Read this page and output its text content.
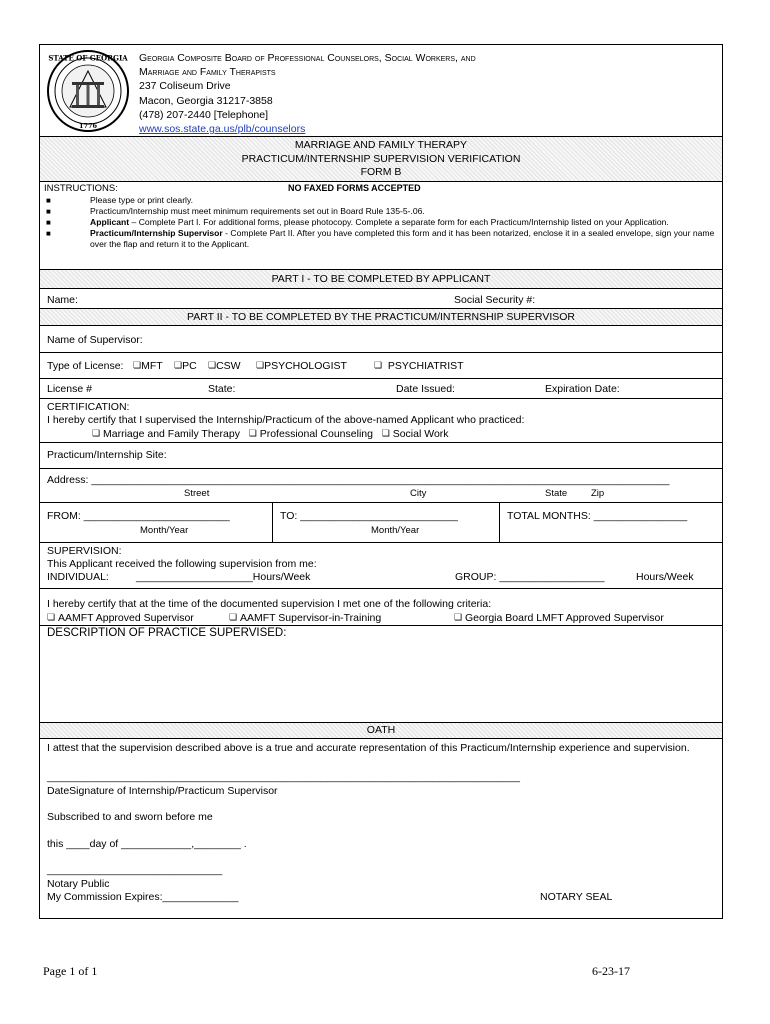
STATE OF GEORGIA
1776
Georgia Composite Board of Professional Counselors, Social Workers, and
Marriage and Family Therapists
237 Coliseum Drive
Macon, Georgia 31217-3858
(478) 207-2440 [Telephone]
www.sos.state.ga.us/plb/counselors
MARRIAGE AND FAMILY THERAPY
PRACTICUM/INTERNSHIP SUPERVISION VERIFICATION
FORM B
INSTRUCTIONS:	NO FAXED FORMS ACCEPTED
■ Please type or print clearly.
■ Practicum/Internship must meet minimum requirements set out in Board Rule 135-5-.06.
■ Applicant – Complete Part I. For additional forms, please photocopy. Complete a separate form for each Practicum/Internship listed on your Application.
■ Practicum/Internship Supervisor - Complete Part II. After you have completed this form and it has been notarized, enclose it in a sealed envelope, sign your name over the flap and return it to the Applicant.
PART I - TO BE COMPLETED BY APPLICANT
Name:	Social Security #:
PART II - TO BE COMPLETED BY THE PRACTICUM/INTERNSHIP SUPERVISOR
Name of Supervisor:
Type of License: ❏MFT ❏PC ❏CSW ❏PSYCHOLOGIST	❏ PSYCHIATRIST
License #	State:	Date Issued:	Expiration Date:
CERTIFICATION:
I hereby certify that I supervised the Internship/Practicum of the above-named Applicant who practiced:
❏ Marriage and Family Therapy ❏ Professional Counseling ❏ Social Work
Practicum/Internship Site:
Address: ___________________________________________________________________________________________________
Street	City	State	Zip
FROM: _________________________
Month/Year
TO: ___________________________
Month/Year
TOTAL MONTHS: ________________
SUPERVISION:
This Applicant received the following supervision from me:
INDIVIDUAL:	____________________Hours/Week	GROUP: __________________	Hours/Week
I hereby certify that at the time of the documented supervision I met one of the following criteria:
❏ AAMFT Approved Supervisor	❏ AAMFT Supervisor-in-Training	❏ Georgia Board LMFT Approved Supervisor
DESCRIPTION OF PRACTICE SUPERVISED:
OATH
I attest that the supervision described above is a true and accurate representation of this Practicum/Internship experience and supervision.
_________________________________________________________________________________
DateSignature of Internship/Practicum Supervisor
Subscribed to and sworn before me
this ____day of ____________,________ .
______________________________
Notary Public
My Commission Expires:_____________	NOTARY SEAL
Page 1 of 1	6-23-17
